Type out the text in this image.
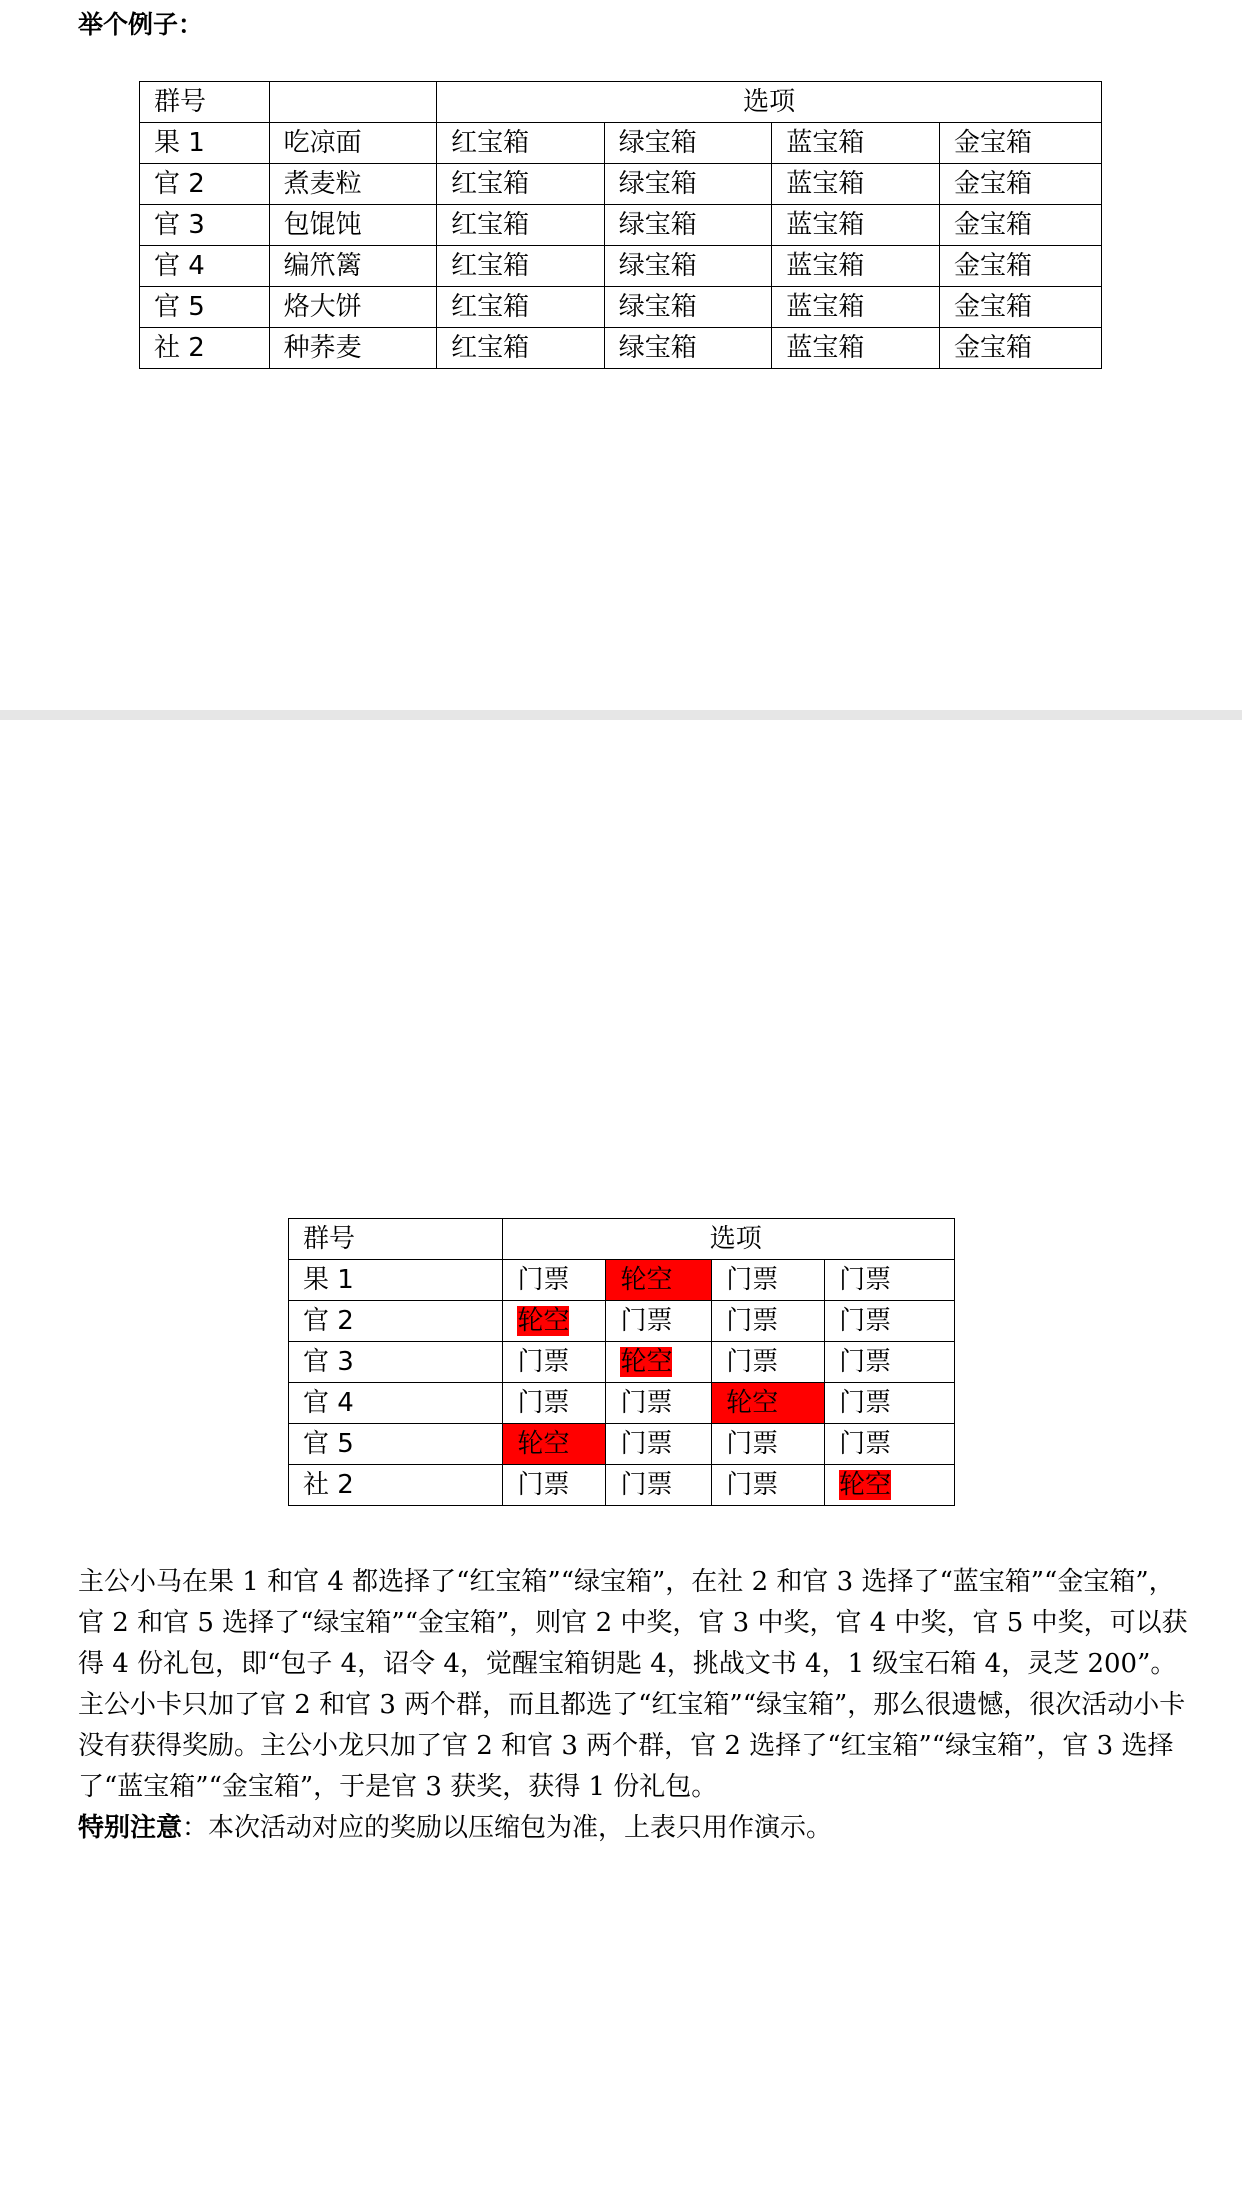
举个例子：
群号		选项			
果 1	吃凉面	红宝箱	绿宝箱	蓝宝箱	金宝箱
官 2	煮麦粒	红宝箱	绿宝箱	蓝宝箱	金宝箱
官 3	包馄饨	红宝箱	绿宝箱	蓝宝箱	金宝箱
官 4	编笊篱	红宝箱	绿宝箱	蓝宝箱	金宝箱
官 5	烙大饼	红宝箱	绿宝箱	蓝宝箱	金宝箱
社 2	种荞麦	红宝箱	绿宝箱	蓝宝箱	金宝箱
群号	选项			
果 1	门票	轮空	门票	门票
官 2	轮空	门票	门票	门票
官 3	门票	轮空	门票	门票
官 4	门票	门票	轮空	门票
官 5	轮空	门票	门票	门票
社 2	门票	门票	门票	轮空

主公小马在果 1 和官 4 都选择了“红宝箱”“绿宝箱”，在社 2 和官 3 选择了“蓝宝箱”“金宝箱”，官 2 和官 5 选择了“绿宝箱”“金宝箱”，则官 2 中奖，官 3 中奖，官 4 中奖，官 5 中奖，可以获得 4 份礼包，即“包子 4，诏令 4，觉醒宝箱钥匙 4，挑战文书 4，1 级宝石箱 4，灵芝 200”。主公小卡只加了官 2 和官 3 两个群，而且都选了“红宝箱”“绿宝箱”，那么很遗憾，很次活动小卡没有获得奖励。主公小龙只加了官 2 和官 3 两个群，官 2 选择了“红宝箱”“绿宝箱”，官 3 选择了“蓝宝箱”“金宝箱”，于是官 3 获奖，获得 1 份礼包。

特别注意：本次活动对应的奖励以压缩包为准，上表只用作演示。
